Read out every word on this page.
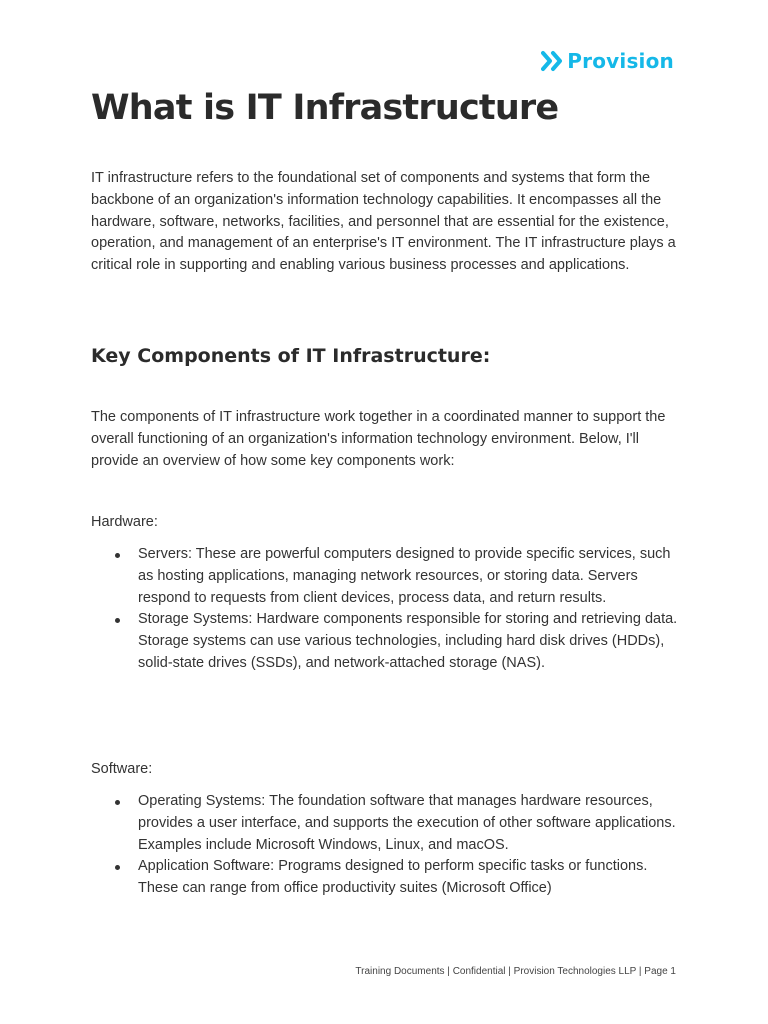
Provision
What is IT Infrastructure

IT infrastructure refers to the foundational set of components and systems that form the backbone of an organization's information technology capabilities. It encompasses all the hardware, software, networks, facilities, and personnel that are essential for the existence, operation, and management of an enterprise's IT environment. The IT infrastructure plays a critical role in supporting and enabling various business processes and applications.

Key Components of IT Infrastructure:

The components of IT infrastructure work together in a coordinated manner to support the overall functioning of an organization's information technology environment. Below, I'll provide an overview of how some key components work:

Hardware:

Servers: These are powerful computers designed to provide specific services, such as hosting applications, managing network resources, or storing data. Servers respond to requests from client devices, process data, and return results.
Storage Systems: Hardware components responsible for storing and retrieving data. Storage systems can use various technologies, including hard disk drives (HDDs), solid-state drives (SSDs), and network-attached storage (NAS).

Software:

Operating Systems: The foundation software that manages hardware resources, provides a user interface, and supports the execution of other software applications. Examples include Microsoft Windows, Linux, and macOS.
Application Software: Programs designed to perform specific tasks or functions. These can range from office productivity suites (Microsoft Office)
Training Documents | Confidential | Provision Technologies LLP | Page 1
